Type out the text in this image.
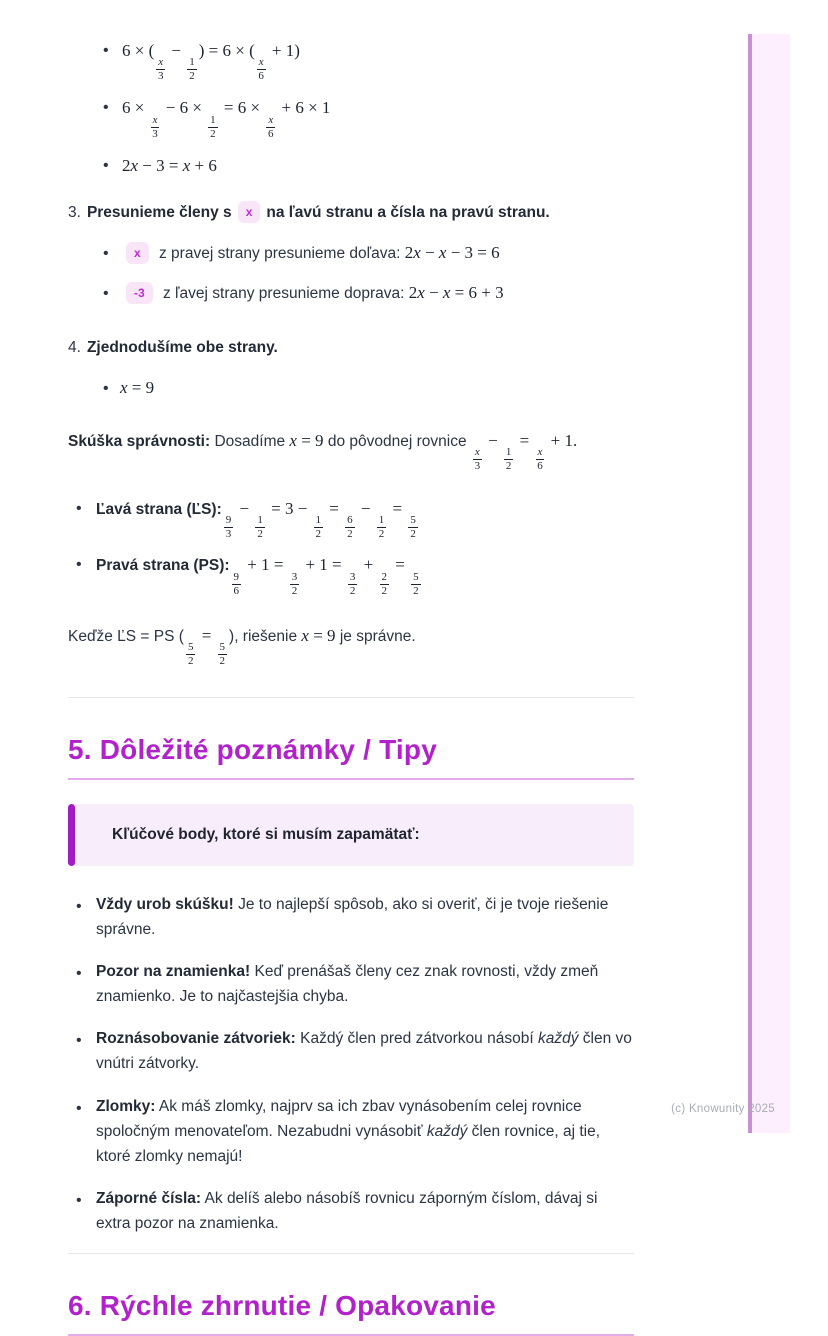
• 6 × (
$\frac{x}{3}$
−
$\frac{1}{2}$
) = 6 × (
$\frac{x}{6}$
+ 1)
• 6 ×
$\frac{x}{3}$
− 6 ×
$\frac{1}{2}$
= 6 ×
$\frac{x}{6}$
+ 6 × 1
• 2x − 3 = x + 6
3. Presunieme členy s x na ľavú stranu a čísla na pravú stranu.
• x z pravej strany presunieme doľava: 2x − x − 3 = 6
• -3 z ľavej strany presunieme doprava: 2x − x = 6 + 3
4. Zjednodušíme obe strany.
• x = 9
Skúška správnosti: Dosadíme x = 9 do pôvodnej rovnice
$\frac{x}{3}$
−
$\frac{1}{2}$
=
$\frac{x}{6}$
+ 1.
• Ľavá strana (ĽS):
$\frac{9}{3}$
−
$\frac{1}{2}$
= 3 −
$\frac{1}{2}$
=
$\frac{6}{2}$
−
$\frac{1}{2}$
=
$\frac{5}{2}$
• Pravá strana (PS):
$\frac{9}{6}$
+ 1 =
$\frac{3}{2}$
+ 1 =
$\frac{3}{2}$
+
$\frac{2}{2}$
=
$\frac{5}{2}$
Keďže ĽS = PS (
$\frac{5}{2}$
=
$\frac{5}{2}$
), riešenie x = 9 je správne.
5. Dôležité poznámky / Tipy
Kľúčové body, ktoré si musím zapamätať:
• Vždy urob skúšku! Je to najlepší spôsob, ako si overiť, či je tvoje riešenie správne.
• Pozor na znamienka! Keď prenášaš členy cez znak rovnosti, vždy zmeň znamienko. Je to najčastejšia chyba.
• Roznásobovanie zátvoriek: Každý člen pred zátvorkou násobí každý člen vo vnútri zátvorky.
• Zlomky: Ak máš zlomky, najprv sa ich zbav vynásobením celej rovnice spoločným menovateľom. Nezabudni vynásobiť každý člen rovnice, aj tie, ktoré zlomky nemajú!
• Záporné čísla: Ak delíš alebo násobíš rovnicu záporným číslom, dávaj si extra pozor na znamienka.
6. Rýchle zhrnutie / Opakovanie
(c) Knowunity 2025
